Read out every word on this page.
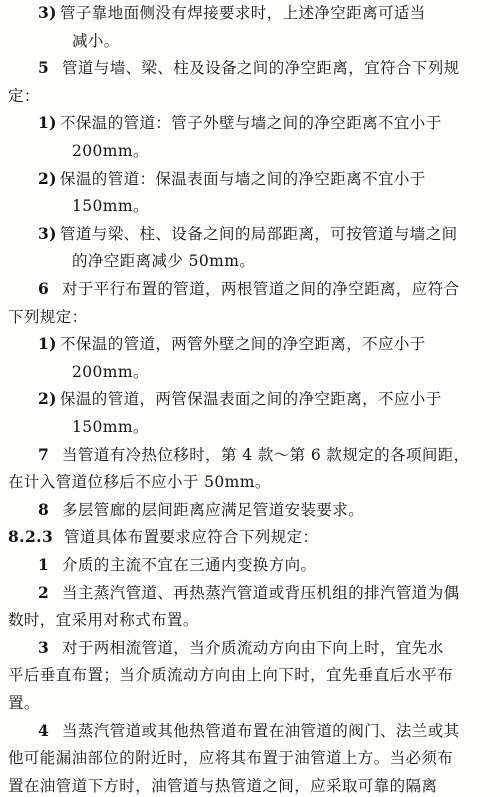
3) 管子靠地面侧没有焊接要求时，上述净空距离可适当
减小。
5 管道与墙、梁、柱及设备之间的净空距离，宜符合下列规
定：
1) 不保温的管道：管子外壁与墙之间的净空距离不宜小于
200mm。
2) 保温的管道：保温表面与墙之间的净空距离不宜小于
150mm。
3) 管道与梁、柱、设备之间的局部距离，可按管道与墙之间
的净空距离减少 50mm。
6 对于平行布置的管道，两根管道之间的净空距离，应符合
下列规定：
1) 不保温的管道，两管外壁之间的净空距离，不应小于
200mm。
2) 保温的管道，两管保温表面之间的净空距离，不应小于
150mm。
7 当管道有冷热位移时，第 4 款～第 6 款规定的各项间距，
在计入管道位移后不应小于 50mm。
8 多层管廊的层间距离应满足管道安装要求。
8.2.3 管道具体布置要求应符合下列规定：
1 介质的主流不宜在三通内变换方向。
2 当主蒸汽管道、再热蒸汽管道或背压机组的排汽管道为偶
数时，宜采用对称式布置。
3 对于两相流管道，当介质流动方向由下向上时，宜先水
平后垂直布置；当介质流动方向由上向下时，宜先垂直后水平布
置。
4 当蒸汽管道或其他热管道布置在油管道的阀门、法兰或其
他可能漏油部位的附近时，应将其布置于油管道上方。当必须布
置在油管道下方时，油管道与热管道之间，应采取可靠的隔离
